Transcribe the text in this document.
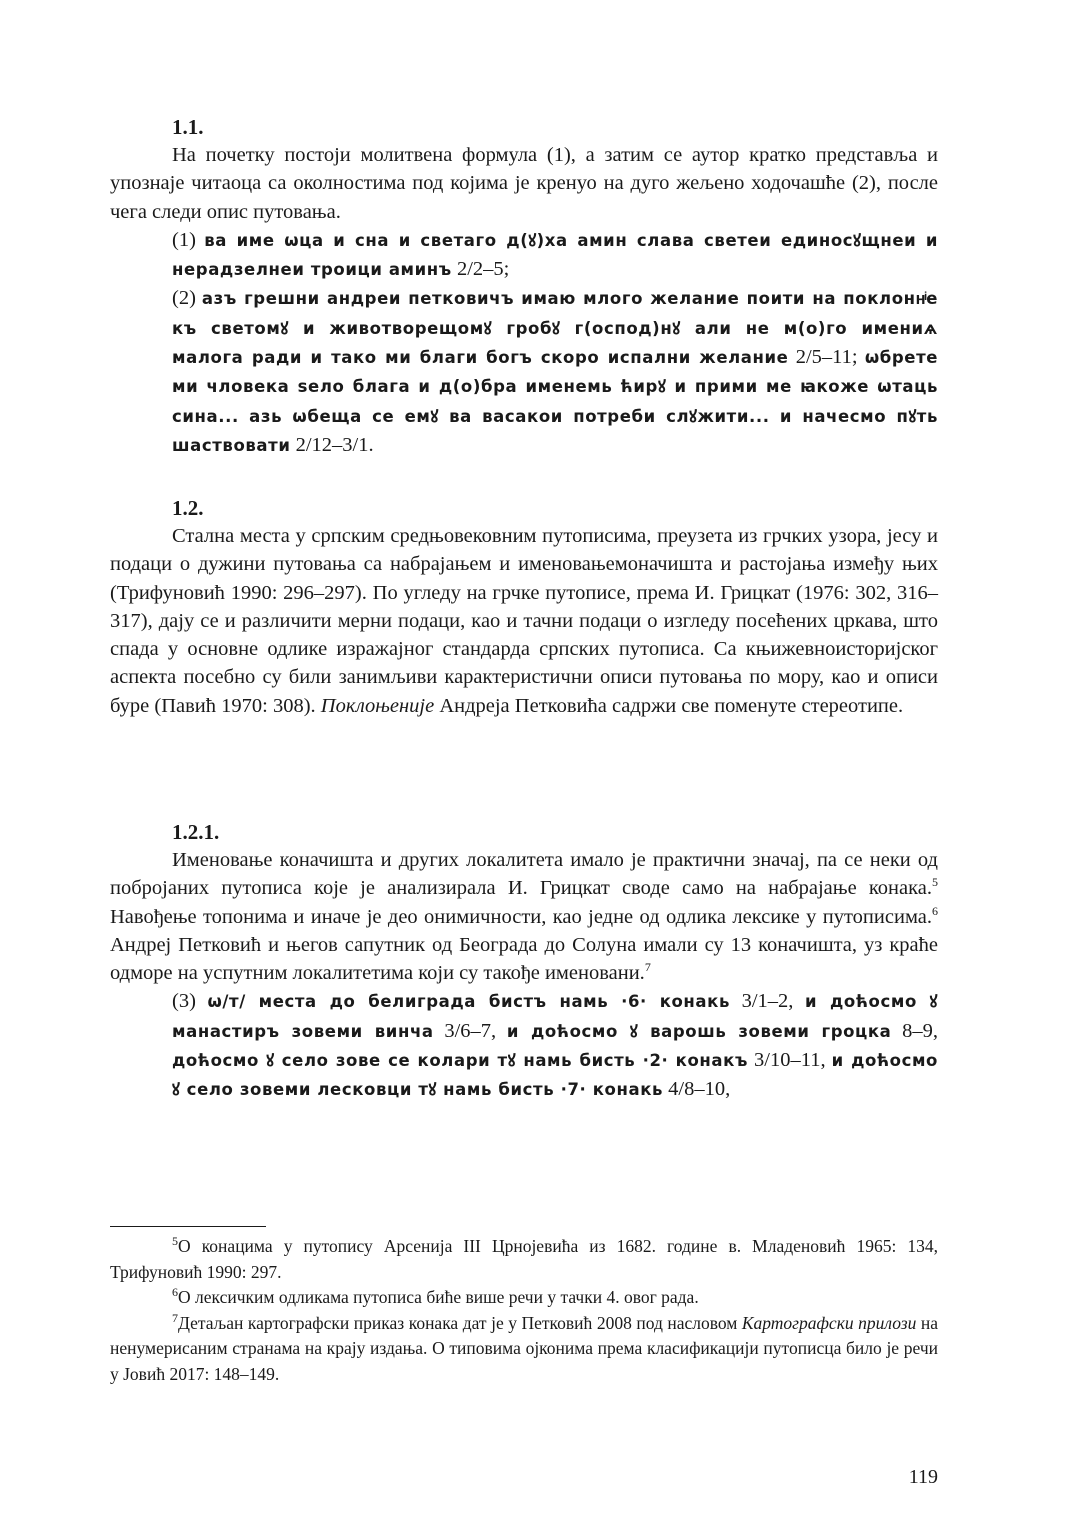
1.1.

На почетку постоји молитвена формула (1), а затим се аутор кратко представља и упознаје читаоца са околностима под којима је кренуо на дуго жељено ходочашће (2), после чега следи опис путовања.

(1) ва име ѡца и сна и светаго д(ꙋ)ха амин слава светеи единосꙋщнеи и нерадзелнеи троици аминъ 2/2–5;

(2) азъ грешни андреи петковичъ имаю млого желание поити на поклоннͥе къ светомꙋ и животворещомꙋ гробꙋ г(оспод)нꙋ али не м(о)го имениѧ малога ради и тако ми благи богъ скоро испални желание 2/5–11; ѡбрете ми чловека ѕело блага и д(о)бра именемь ћирꙋ и прими ме ꙗкоже ѡтаць сина... азь ѡбеща се емꙋ ва васакои потреби слꙋжити... и начесмо пꙋть шаствовати 2/12–3/1.

1.2.

Стална места у српским средњовековним путописима, преузета из грчких узора, јесу и подаци о дужини путовања са набрајањем и именовањемоначишта и растојања између њих (Трифуновић 1990: 296–297). По угледу на грчке путописе, према И. Грицкат (1976: 302, 316–317), дају се и различити мерни подаци, као и тачни подаци о изгледу посећених цркава, што спада у основне одлике изражајног стандарда српских путописа. Са књижевноисторијског аспекта посебно су били занимљиви карактеристични описи путовања по мору, као и описи буре (Павић 1970: 308). Поклоњеније Андреја Петковића садржи све поменуте стереотипе.

1.2.1.

Именовање коначишта и других локалитета имало је практични значај, па се неки од побројаних путописа које је анализирала И. Грицкат своде само на набрајање конака.$^5$ Навођење топонима и иначе је део онимичности, као једне од одлика лексике у путописима.$^6$ Андреј Петковић и његов сапутник од Београда до Солуна имали су 13 коначишта, уз краће одморе на успутним локалитетима који су такође именовани.$^7$

(3) ѡ/т/ места до белиграда бистъ намь ·6· конакь 3/1–2, и доћосмо ꙋ манастиръ зовеми винча 3/6–7, и доћосмо ꙋ варошь зовеми гроцка 8–9, доћосмо ꙋ село зове се колари тꙋ намь бисть ·2· конакъ 3/10–11, и доћосмо ꙋ село зовеми лесковци тꙋ намь бисть ·7· конакь 4/8–10,

$^5$О конацима у путопису Арсенија III Црнојевића из 1682. године в. Младеновић 1965: 134, Трифуновић 1990: 297.

$^6$О лексичким одликама путописа биће више речи у тачки 4. овог рада.

$^7$Детаљан картографски приказ конака дат је у Петковић 2008 под насловом Картографски прилози на ненумерисаним странама на крају издања. О типовима ојконима према класификацији путописца било је речи у Јовић 2017: 148–149.

119
